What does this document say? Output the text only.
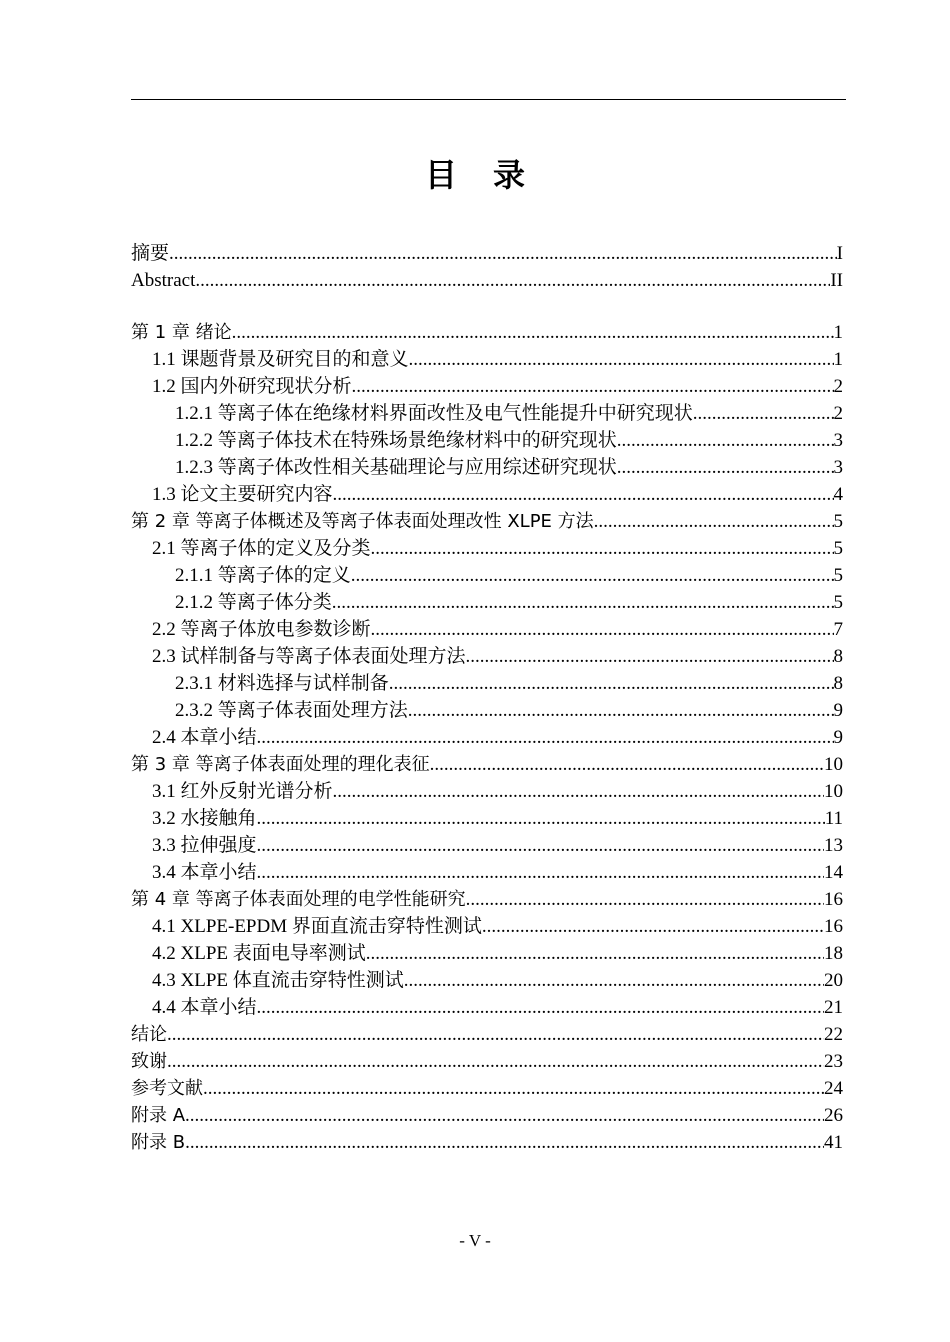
目 录
摘要 .....	I
Abstract .....	II
第 1 章 绪论 .....	1
1.1 课题背景及研究目的和意义 .....	1
1.2 国内外研究现状分析 .....	2
1.2.1 等离子体在绝缘材料界面改性及电气性能提升中研究现状 .....	2
1.2.2 等离子体技术在特殊场景绝缘材料中的研究现状 .....	3
1.2.3 等离子体改性相关基础理论与应用综述研究现状 .....	3
1.3 论文主要研究内容 .....	4
第 2 章 等离子体概述及等离子体表面处理改性 XLPE 方法 .....	5
2.1 等离子体的定义及分类 .....	5
2.1.1 等离子体的定义 .....	5
2.1.2 等离子体分类 .....	5
2.2 等离子体放电参数诊断 .....	7
2.3 试样制备与等离子体表面处理方法 .....	8
2.3.1 材料选择与试样制备 .....	8
2.3.2 等离子体表面处理方法 .....	9
2.4 本章小结 .....	9
第 3 章 等离子体表面处理的理化表征 .....	10
3.1 红外反射光谱分析 .....	10
3.2 水接触角 .....	11
3.3 拉伸强度 .....	13
3.4 本章小结 .....	14
第 4 章 等离子体表面处理的电学性能研究 .....	16
4.1 XLPE-EPDM 界面直流击穿特性测试 .....	16
4.2 XLPE 表面电导率测试 .....	18
4.3 XLPE 体直流击穿特性测试 .....	20
4.4 本章小结 .....	21
结论 .....	22
致谢 .....	23
参考文献 .....	24
附录 A .....	26
附录 B .....	41
- V -
